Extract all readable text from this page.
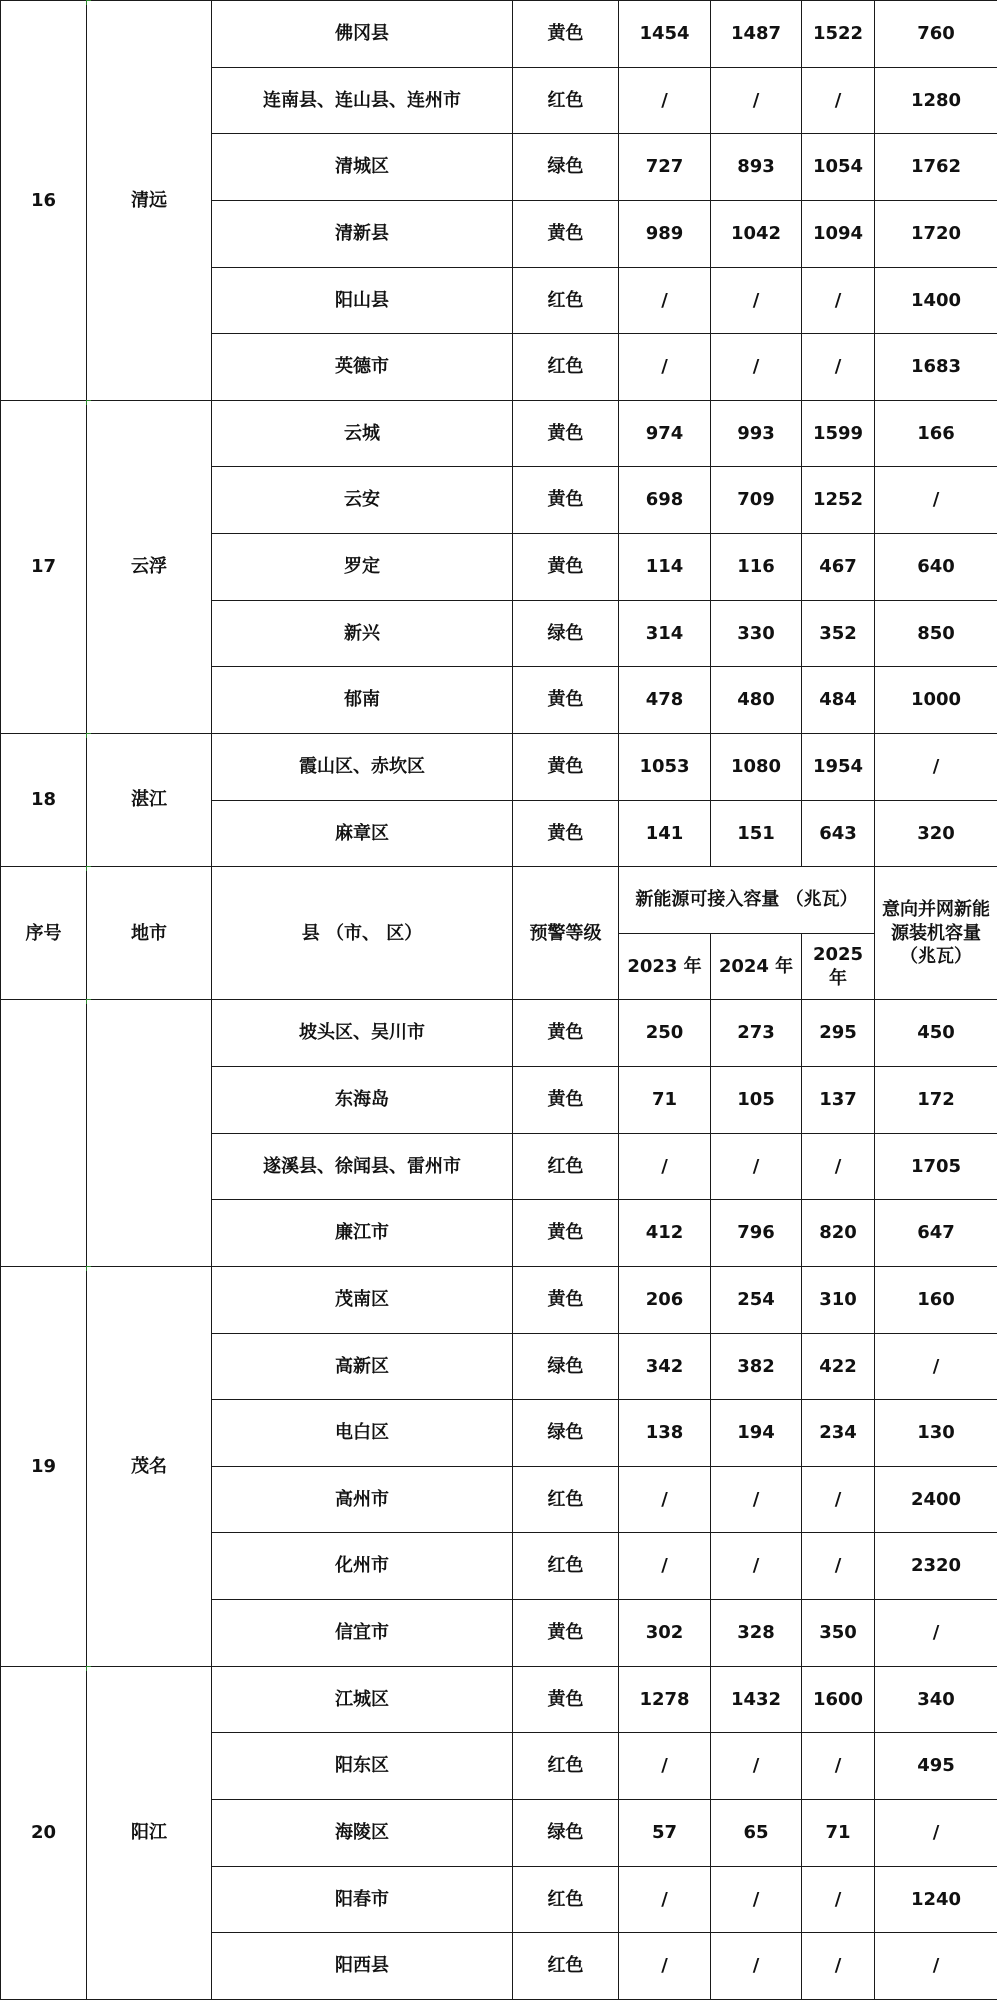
16	清远	佛冈县	黄色	1454	1487	1522	760
		连南县、连山县、连州市	红色	/	/	/	1280
		清城区	绿色	727	893	1054	1762
		清新县	黄色	989	1042	1094	1720
		阳山县	红色	/	/	/	1400
		英德市	红色	/	/	/	1683
17	云浮	云城	黄色	974	993	1599	166
		云安	黄色	698	709	1252	/
		罗定	黄色	114	116	467	640
		新兴	绿色	314	330	352	850
		郁南	黄色	478	480	484	1000
18	湛江	霞山区、赤坎区	黄色	1053	1080	1954	/
		麻章区	黄色	141	151	643	320
序号	地市	县 （市、 区）	预警等级	新能源可接入容量 （兆瓦）			意向并网新能源装机容量 （兆瓦）
				2023 年	2024 年	2025 年	
		坡头区、吴川市	黄色	250	273	295	450
		东海岛	黄色	71	105	137	172
		遂溪县、徐闻县、雷州市	红色	/	/	/	1705
		廉江市	黄色	412	796	820	647
19	茂名	茂南区	黄色	206	254	310	160
		高新区	绿色	342	382	422	/
		电白区	绿色	138	194	234	130
		高州市	红色	/	/	/	2400
		化州市	红色	/	/	/	2320
		信宜市	黄色	302	328	350	/
20	阳江	江城区	黄色	1278	1432	1600	340
		阳东区	红色	/	/	/	495
		海陵区	绿色	57	65	71	/
		阳春市	红色	/	/	/	1240
		阳西县	红色	/	/	/	/
